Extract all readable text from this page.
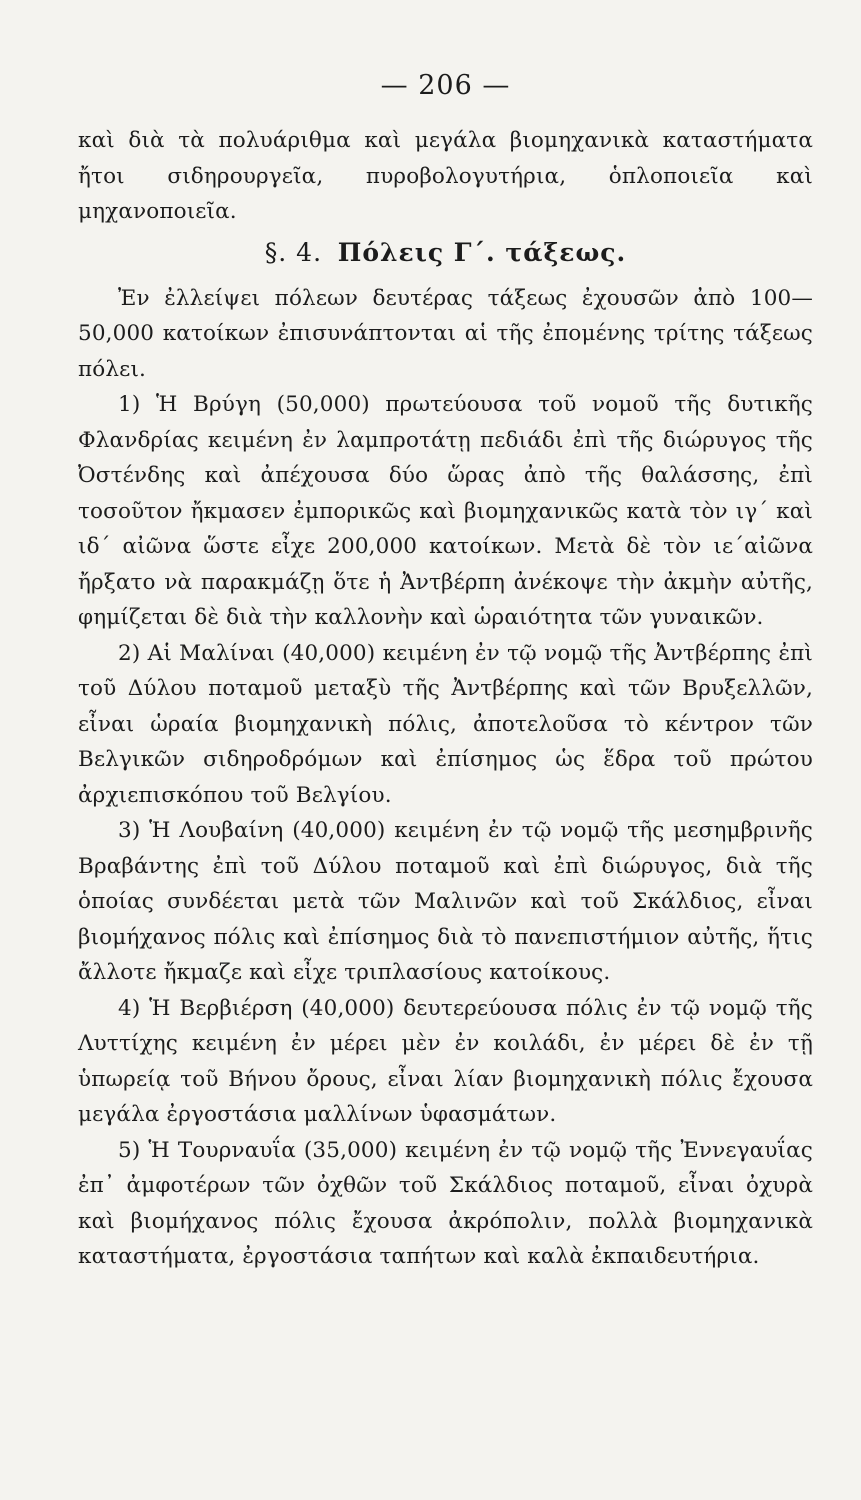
— 206 —

καὶ διὰ τὰ πολυάριθμα καὶ μεγάλα βιομηχανικὰ καταστήματα ἤτοι σιδηρουργεῖα, πυροβολογυτήρια, ὁπλοποιεῖα καὶ μηχανοποιεῖα.

§. 4. Πόλεις Γ΄. τάξεως.

Ἐν ἐλλείψει πόλεων δευτέρας τάξεως ἐχουσῶν ἀπὸ 100—50,000 κατοίκων ἐπισυνάπτονται αἱ τῆς ἐπομένης τρίτης τάξεως πόλει.

1) Ἡ Βρύγη (50,000) πρωτεύουσα τοῦ νομοῦ τῆς δυτικῆς Φλανδρίας κειμένη ἐν λαμπροτάτῃ πεδιάδι ἐπὶ τῆς διώρυγος τῆς Ὀστένδης καὶ ἀπέχουσα δύο ὥρας ἀπὸ τῆς θαλάσσης, ἐπὶ τοσοῦτον ἤκμασεν ἐμπορικῶς καὶ βιομηχανικῶς κατὰ τὸν ιγ΄ καὶ ιδ΄ αἰῶνα ὥστε εἶχε 200,000 κατοίκων. Μετὰ δὲ τὸν ιε΄αἰῶνα ἤρξατο νὰ παρακμάζῃ ὅτε ἡ Ἀντβέρπη ἀνέκοψε τὴν ἀκμὴν αὐτῆς, φημίζεται δὲ διὰ τὴν καλλονὴν καὶ ὡραιότητα τῶν γυναικῶν.

2) Αἱ Μαλίναι (40,000) κειμένη ἐν τῷ νομῷ τῆς Ἀντβέρπης ἐπὶ τοῦ Δύλου ποταμοῦ μεταξὺ τῆς Ἀντβέρπης καὶ τῶν Βρυξελλῶν, εἶναι ὡραία βιομηχανικὴ πόλις, ἀποτελοῦσα τὸ κέντρον τῶν Βελγικῶν σιδηροδρόμων καὶ ἐπίσημος ὡς ἕδρα τοῦ πρώτου ἀρχιεπισκόπου τοῦ Βελγίου.

3) Ἡ Λουβαίνη (40,000) κειμένη ἐν τῷ νομῷ τῆς μεσημβρινῆς Βραβάντης ἐπὶ τοῦ Δύλου ποταμοῦ καὶ ἐπὶ διώρυγος, διὰ τῆς ὁποίας συνδέεται μετὰ τῶν Μαλινῶν καὶ τοῦ Σκάλδιος, εἶναι βιομήχανος πόλις καὶ ἐπίσημος διὰ τὸ πανεπιστήμιον αὐτῆς, ἥτις ἄλλοτε ἤκμαζε καὶ εἶχε τριπλασίους κατοίκους.

4) Ἡ Βερβιέρση (40,000) δευτερεύουσα πόλις ἐν τῷ νομῷ τῆς Λυττίχης κειμένη ἐν μέρει μὲν ἐν κοιλάδι, ἐν μέρει δὲ ἐν τῇ ὑπωρείᾳ τοῦ Βήνου ὄρους, εἶναι λίαν βιομηχανικὴ πόλις ἔχουσα μεγάλα ἐργοστάσια μαλλίνων ὑφασμάτων.

5) Ἡ Τουρναυΐα (35,000) κειμένη ἐν τῷ νομῷ τῆς Ἐννεγαυΐας ἐπ᾽ ἀμφοτέρων τῶν ὀχθῶν τοῦ Σκάλδιος ποταμοῦ, εἶναι ὀχυρὰ καὶ βιομήχανος πόλις ἔχουσα ἀκρόπολιν, πολλὰ βιομηχανικὰ καταστήματα, ἐργοστάσια ταπήτων καὶ καλὰ ἐκπαιδευτήρια.
